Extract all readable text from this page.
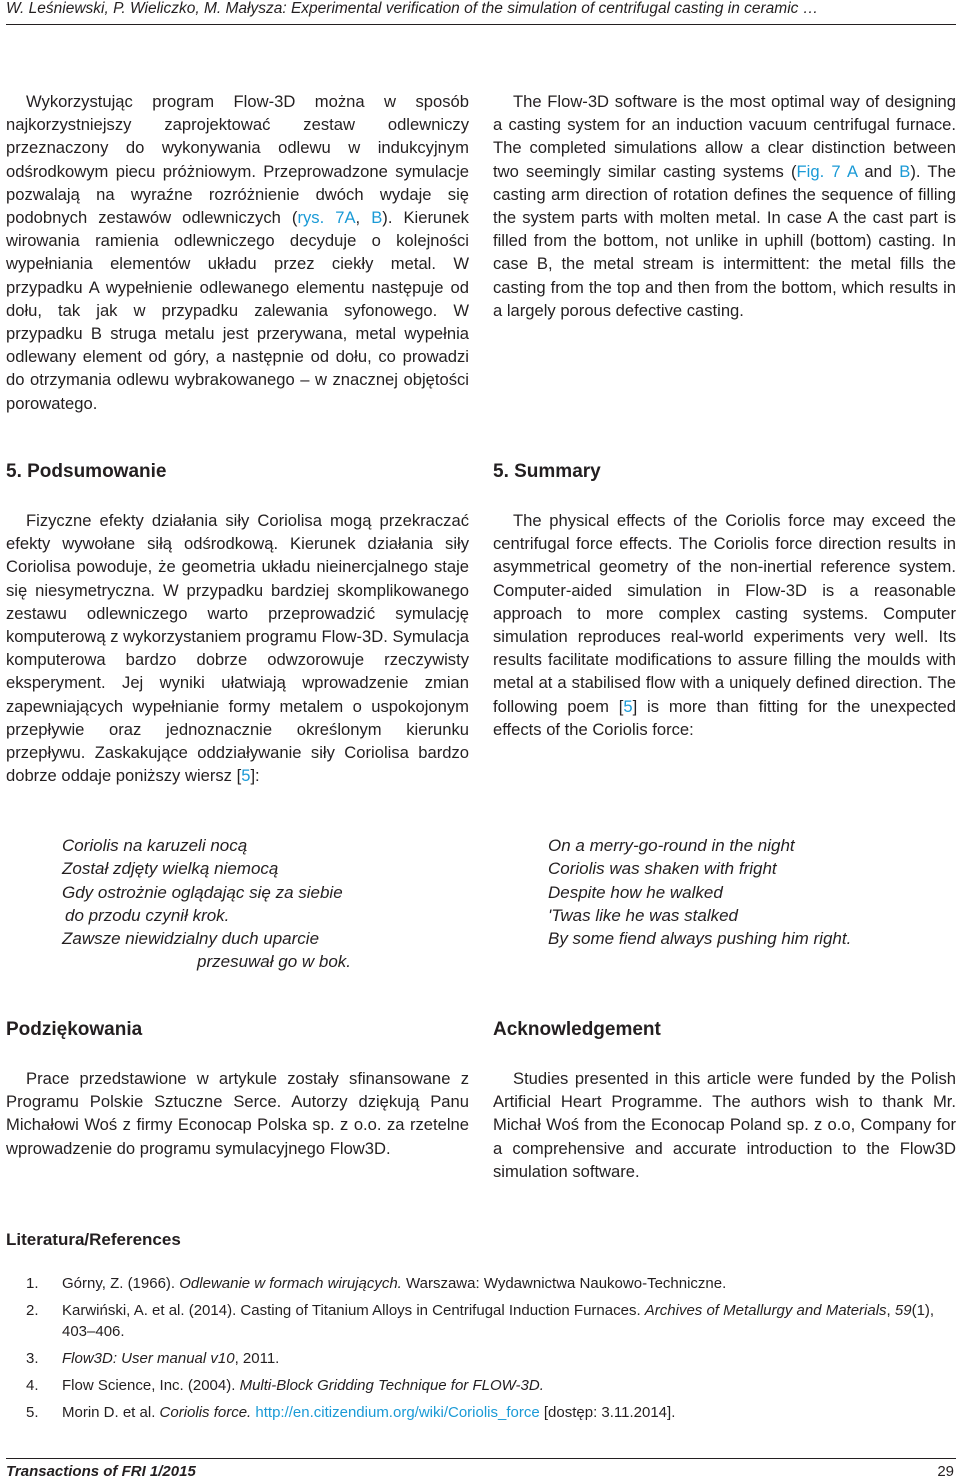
W. Leśniewski, P. Wieliczko, M. Małysza: Experimental verification of the simulation of centrifugal casting in ceramic …

Wykorzystując program Flow-3D można w sposób najkorzystniejszy zaprojektować zestaw odlewniczy przeznaczony do wykonywania odlewu w indukcyjnym odśrodkowym piecu próżniowym. Przeprowadzone symulacje pozwalają na wyraźne rozróżnienie dwóch wydaje się podobnych zestawów odlewniczych (rys. 7A, B). Kierunek wirowania ramienia odlewniczego decyduje o kolejności wypełniania elementów układu przez ciekły metal. W przypadku A wypełnienie odlewanego elementu następuje od dołu, tak jak w przypadku zalewania syfonowego. W przypadku B struga metalu jest przerywana, metal wypełnia odlewany element od góry, a następnie od dołu, co prowadzi do otrzymania odlewu wybrakowanego – w znacznej objętości porowatego.

The Flow-3D software is the most optimal way of designing a casting system for an induction vacuum centrifugal furnace. The completed simulations allow a clear distinction between two seemingly similar casting systems (Fig. 7 A and B). The casting arm direction of rotation defines the sequence of filling the system parts with molten metal. In case A the cast part is filled from the bottom, not unlike in uphill (bottom) casting. In case B, the metal stream is intermittent: the metal fills the casting from the top and then from the bottom, which results in a largely porous defective casting.

5. Podsumowanie

Fizyczne efekty działania siły Coriolisa mogą przekraczać efekty wywołane siłą odśrodkową. Kierunek działania siły Coriolisa powoduje, że geometria układu nieinercjalnego staje się niesymetryczna. W przypadku bardziej skomplikowanego zestawu odlewniczego warto przeprowadzić symulację komputerową z wykorzystaniem programu Flow-3D. Symulacja komputerowa bardzo dobrze odwzorowuje rzeczywisty eksperyment. Jej wyniki ułatwiają wprowadzenie zmian zapewniających wypełnianie formy metalem o uspokojonym przepływie oraz jednoznacznie określonym kierunku przepływu. Zaskakujące oddziaływanie siły Coriolisa bardzo dobrze oddaje poniższy wiersz [5]:

5. Summary

The physical effects of the Coriolis force may exceed the centrifugal force effects. The Coriolis force direction results in asymmetrical geometry of the non-inertial reference system. Computer-aided simulation in Flow-3D is a reasonable approach to more complex casting systems. Computer simulation reproduces real-world experiments very well. Its results facilitate modifications to assure filling the moulds with metal at a stabilised flow with a uniquely defined direction. The following poem [5] is more than fitting for the unexpected effects of the Coriolis force:

Coriolis na karuzeli nocą
Został zdjęty wielką niemocą
Gdy ostrożnie oglądając się za siebie
do przodu czynił krok.
Zawsze niewidzialny duch uparcie
przesuwał go w bok.
On a merry-go-round in the night
Coriolis was shaken with fright
Despite how he walked
'Twas like he was stalked
By some fiend always pushing him right.
Podziękowania

Prace przedstawione w artykule zostały sfinansowane z Programu Polskie Sztuczne Serce. Autorzy dziękują Panu Michałowi Woś z firmy Econocap Polska sp. z o.o. za rzetelne wprowadzenie do programu symulacyjnego Flow3D.

Acknowledgement

Studies presented in this article were funded by the Polish Artificial Heart Programme. The authors wish to thank Mr. Michał Woś from the Econocap Poland sp. z o.o, Company for a comprehensive and accurate introduction to the Flow3D simulation software.

Literatura/References
1. Górny, Z. (1966). Odlewanie w formach wirujących. Warszawa: Wydawnictwa Naukowo-Techniczne.
2. Karwiński, A. et al. (2014). Casting of Titanium Alloys in Centrifugal Induction Furnaces. Archives of Metallurgy and Materials, 59(1), 403–406.
3. Flow3D: User manual v10, 2011.
4. Flow Science, Inc. (2004). Multi-Block Gridding Technique for FLOW-3D.
5. Morin D. et al. Coriolis force. http://en.citizendium.org/wiki/Coriolis_force [dostęp: 3.11.2014].
Transactions of FRI 1/2015	29
